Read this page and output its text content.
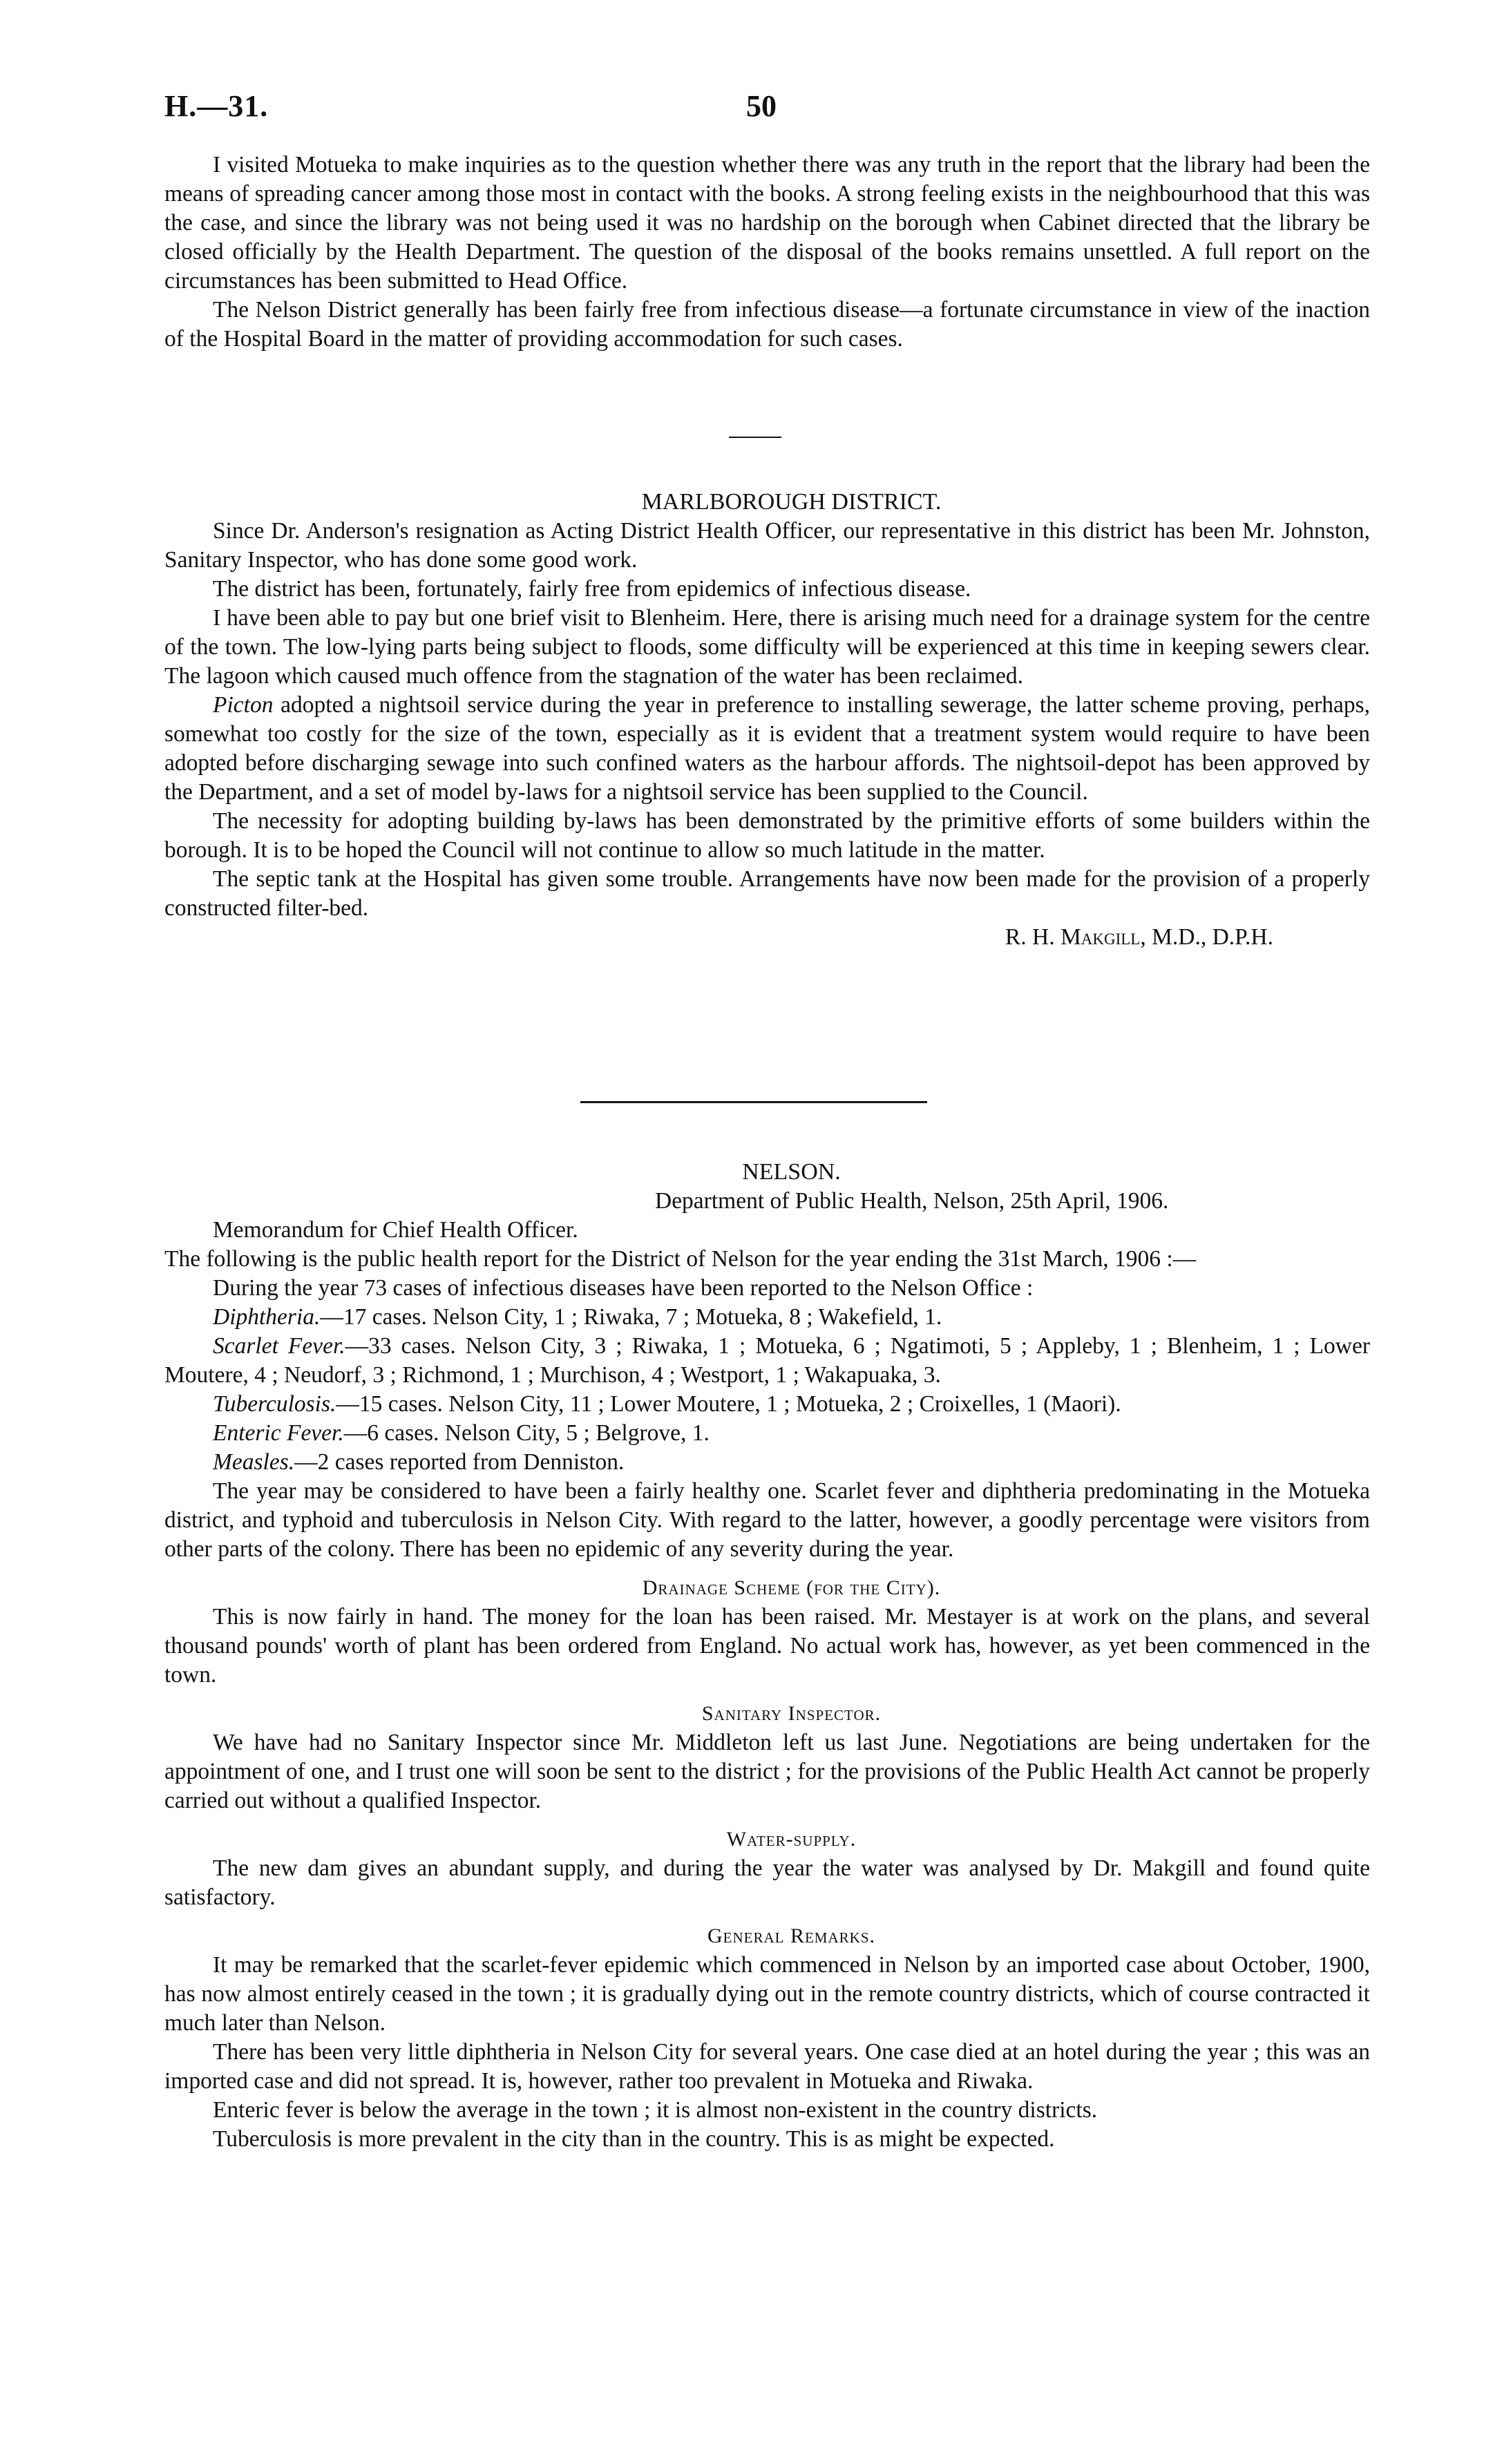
H.—31.	50

I visited Motueka to make inquiries as to the question whether there was any truth in the report that the library had been the means of spreading cancer among those most in contact with the books. A strong feeling exists in the neighbourhood that this was the case, and since the library was not being used it was no hardship on the borough when Cabinet directed that the library be closed officially by the Health Department. The question of the disposal of the books remains unsettled. A full report on the circumstances has been submitted to Head Office.

The Nelson District generally has been fairly free from infectious disease—a fortunate circumstance in view of the inaction of the Hospital Board in the matter of providing accommodation for such cases.

MARLBOROUGH DISTRICT.

Since Dr. Anderson's resignation as Acting District Health Officer, our representative in this district has been Mr. Johnston, Sanitary Inspector, who has done some good work.

The district has been, fortunately, fairly free from epidemics of infectious disease.

I have been able to pay but one brief visit to Blenheim. Here, there is arising much need for a drainage system for the centre of the town. The low-lying parts being subject to floods, some difficulty will be experienced at this time in keeping sewers clear. The lagoon which caused much offence from the stagnation of the water has been reclaimed.

Picton adopted a nightsoil service during the year in preference to installing sewerage, the latter scheme proving, perhaps, somewhat too costly for the size of the town, especially as it is evident that a treatment system would require to have been adopted before discharging sewage into such confined waters as the harbour affords. The nightsoil-depot has been approved by the Department, and a set of model by-laws for a nightsoil service has been supplied to the Council.

The necessity for adopting building by-laws has been demonstrated by the primitive efforts of some builders within the borough. It is to be hoped the Council will not continue to allow so much latitude in the matter.

The septic tank at the Hospital has given some trouble. Arrangements have now been made for the provision of a properly constructed filter-bed.

R. H. Makgill, M.D., D.P.H.

NELSON.

Department of Public Health, Nelson, 25th April, 1906.

Memorandum for Chief Health Officer.

The following is the public health report for the District of Nelson for the year ending the 31st March, 1906 :—

During the year 73 cases of infectious diseases have been reported to the Nelson Office :

Diphtheria.—17 cases. Nelson City, 1 ; Riwaka, 7 ; Motueka, 8 ; Wakefield, 1.

Scarlet Fever.—33 cases. Nelson City, 3 ; Riwaka, 1 ; Motueka, 6 ; Ngatimoti, 5 ; Appleby, 1 ; Blenheim, 1 ; Lower Moutere, 4 ; Neudorf, 3 ; Richmond, 1 ; Murchison, 4 ; Westport, 1 ; Wakapuaka, 3.

Tuberculosis.—15 cases. Nelson City, 11 ; Lower Moutere, 1 ; Motueka, 2 ; Croixelles, 1 (Maori).

Enteric Fever.—6 cases. Nelson City, 5 ; Belgrove, 1.

Measles.—2 cases reported from Denniston.

The year may be considered to have been a fairly healthy one. Scarlet fever and diphtheria predominating in the Motueka district, and typhoid and tuberculosis in Nelson City. With regard to the latter, however, a goodly percentage were visitors from other parts of the colony. There has been no epidemic of any severity during the year.

Drainage Scheme (for the City).

This is now fairly in hand. The money for the loan has been raised. Mr. Mestayer is at work on the plans, and several thousand pounds' worth of plant has been ordered from England. No actual work has, however, as yet been commenced in the town.

Sanitary Inspector.

We have had no Sanitary Inspector since Mr. Middleton left us last June. Negotiations are being undertaken for the appointment of one, and I trust one will soon be sent to the district ; for the provisions of the Public Health Act cannot be properly carried out without a qualified Inspector.

Water-supply.

The new dam gives an abundant supply, and during the year the water was analysed by Dr. Makgill and found quite satisfactory.

General Remarks.

It may be remarked that the scarlet-fever epidemic which commenced in Nelson by an imported case about October, 1900, has now almost entirely ceased in the town ; it is gradually dying out in the remote country districts, which of course contracted it much later than Nelson.

There has been very little diphtheria in Nelson City for several years. One case died at an hotel during the year ; this was an imported case and did not spread. It is, however, rather too prevalent in Motueka and Riwaka.

Enteric fever is below the average in the town ; it is almost non-existent in the country districts.

Tuberculosis is more prevalent in the city than in the country. This is as might be expected.
